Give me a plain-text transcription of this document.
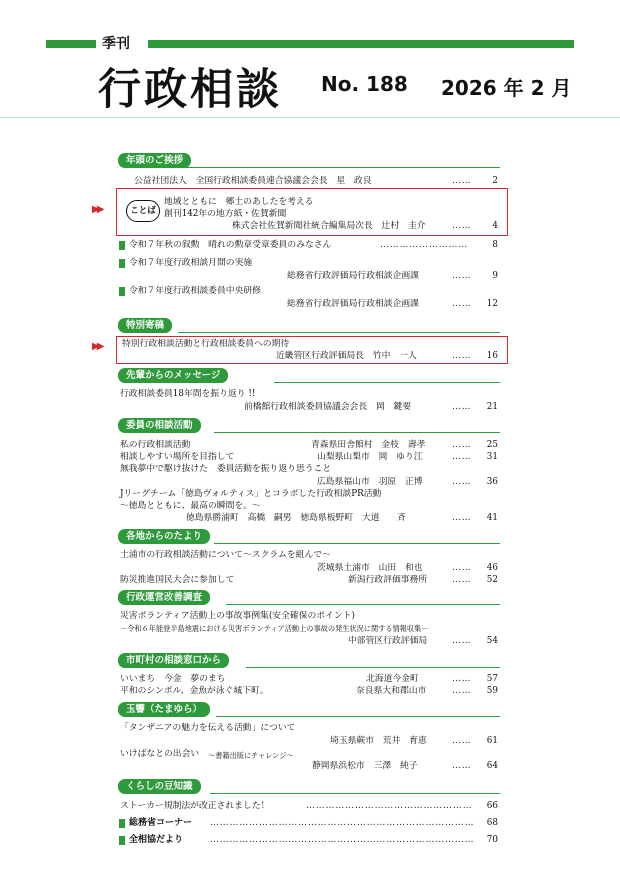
季刊
行政相談 No. 188 2026 年 2 月
年頭のご挨拶
公益社団法人　全国行政相談委員連合協議会会長　星　政良	……	2
▶▶	ことば
地域とともに　郷土のあしたを考える
創刊142年の地方紙・佐賀新聞
株式会社佐賀新聞社統合編集局次長　辻村　圭介	……	4
令和７年秋の叙勲　晴れの勲章受章委員のみなさん	………………………	8
令和７年度行政相談月間の実施
総務省行政評価局行政相談企画課	……	9
令和７年度行政相談委員中央研修
総務省行政評価局行政相談企画課	……	12
特別寄稿
▶▶ 特別行政相談活動と行政相談委員への期待
近畿管区行政評価局長　竹中　一人	……	16
先輩からのメッセージ
行政相談委員18年間を振り返り !!
前橋館行政相談委員協議会会長　岡　鍵要	……	21
委員の相談活動
私の行政相談活動	青森県田舎館村　金枝　壽孝	……	25
相談しやすい場所を目指して	山梨県山梨市　岡　ゆり江	……	31
無我夢中で駆け抜けた　委員活動を振り返り思うこと
広島県福山市　羽原　正博	……	36
Jリーグチーム「徳島ヴォルティス」とコラボした行政相談PR活動
〜徳島とともに、最高の瞬間を。〜
徳島県勝浦町　高橋　嗣男　徳島県板野町　大道　　斉	……	41
各地からのたより
土浦市の行政相談活動について〜スクラムを組んで〜
茨城県土浦市　山田　和也	……	46
防災推進国民大会に参加して	新潟行政評価事務所	……	52
行政運営改善調査
災害ボランティア活動上の事故事例集(安全確保のポイント)
－令和６年能登半島地震における災害ボランティア活動上の事故の発生状況に関する情報収集－
中部管区行政評価局	……	54
市町村の相談窓口から
いいまち　今金　夢のまち	北海道今金町	……	57
平和のシンボル、金魚が泳ぐ城下町。	奈良県大和郡山市	……	59
玉響（たまゆら）
「タンザニアの魅力を伝える活動」について
埼玉県蕨市　荒井　育恵	……	61
いけばなとの出会い 〜書籍出版にチャレンジ〜
静岡県浜松市　三澤　純子	……	64
くらしの豆知識
ストーカー規制法が改正されました！	……………………………………………	66
総務省コーナー ………………………………………………………………………	68
全相協だより	………………………………………………………………………	70
